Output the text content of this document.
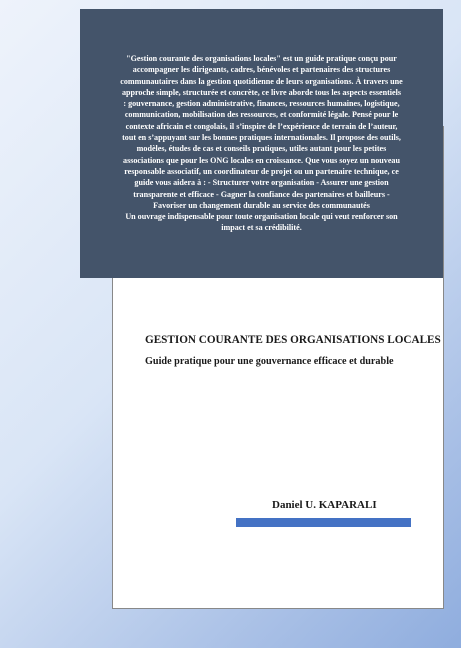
"Gestion courante des organisations locales" est un guide pratique conçu pour

accompagner les dirigeants, cadres, bénévoles et partenaires des structures

communautaires dans la gestion quotidienne de leurs organisations. À travers une

approche simple, structurée et concrète, ce livre aborde tous les aspects essentiels

: gouvernance, gestion administrative, finances, ressources humaines, logistique,

communication, mobilisation des ressources, et conformité légale. Pensé pour le

contexte africain et congolais, il s’inspire de l’expérience de terrain de l’auteur,

tout en s’appuyant sur les bonnes pratiques internationales. Il propose des outils,

modèles, études de cas et conseils pratiques, utiles autant pour les petites

associations que pour les ONG locales en croissance. Que vous soyez un nouveau

responsable associatif, un coordinateur de projet ou un partenaire technique, ce

guide vous aidera à : - Structurer votre organisation - Assurer une gestion

transparente et efficace - Gagner la confiance des partenaires et bailleurs -

Favoriser un changement durable au service des communautés

Un ouvrage indispensable pour toute organisation locale qui veut renforcer son

impact et sa crédibilité.

GESTION COURANTE DES ORGANISATIONS LOCALES
Guide pratique pour une gouvernance efficace et durable
Daniel U. KAPARALI
